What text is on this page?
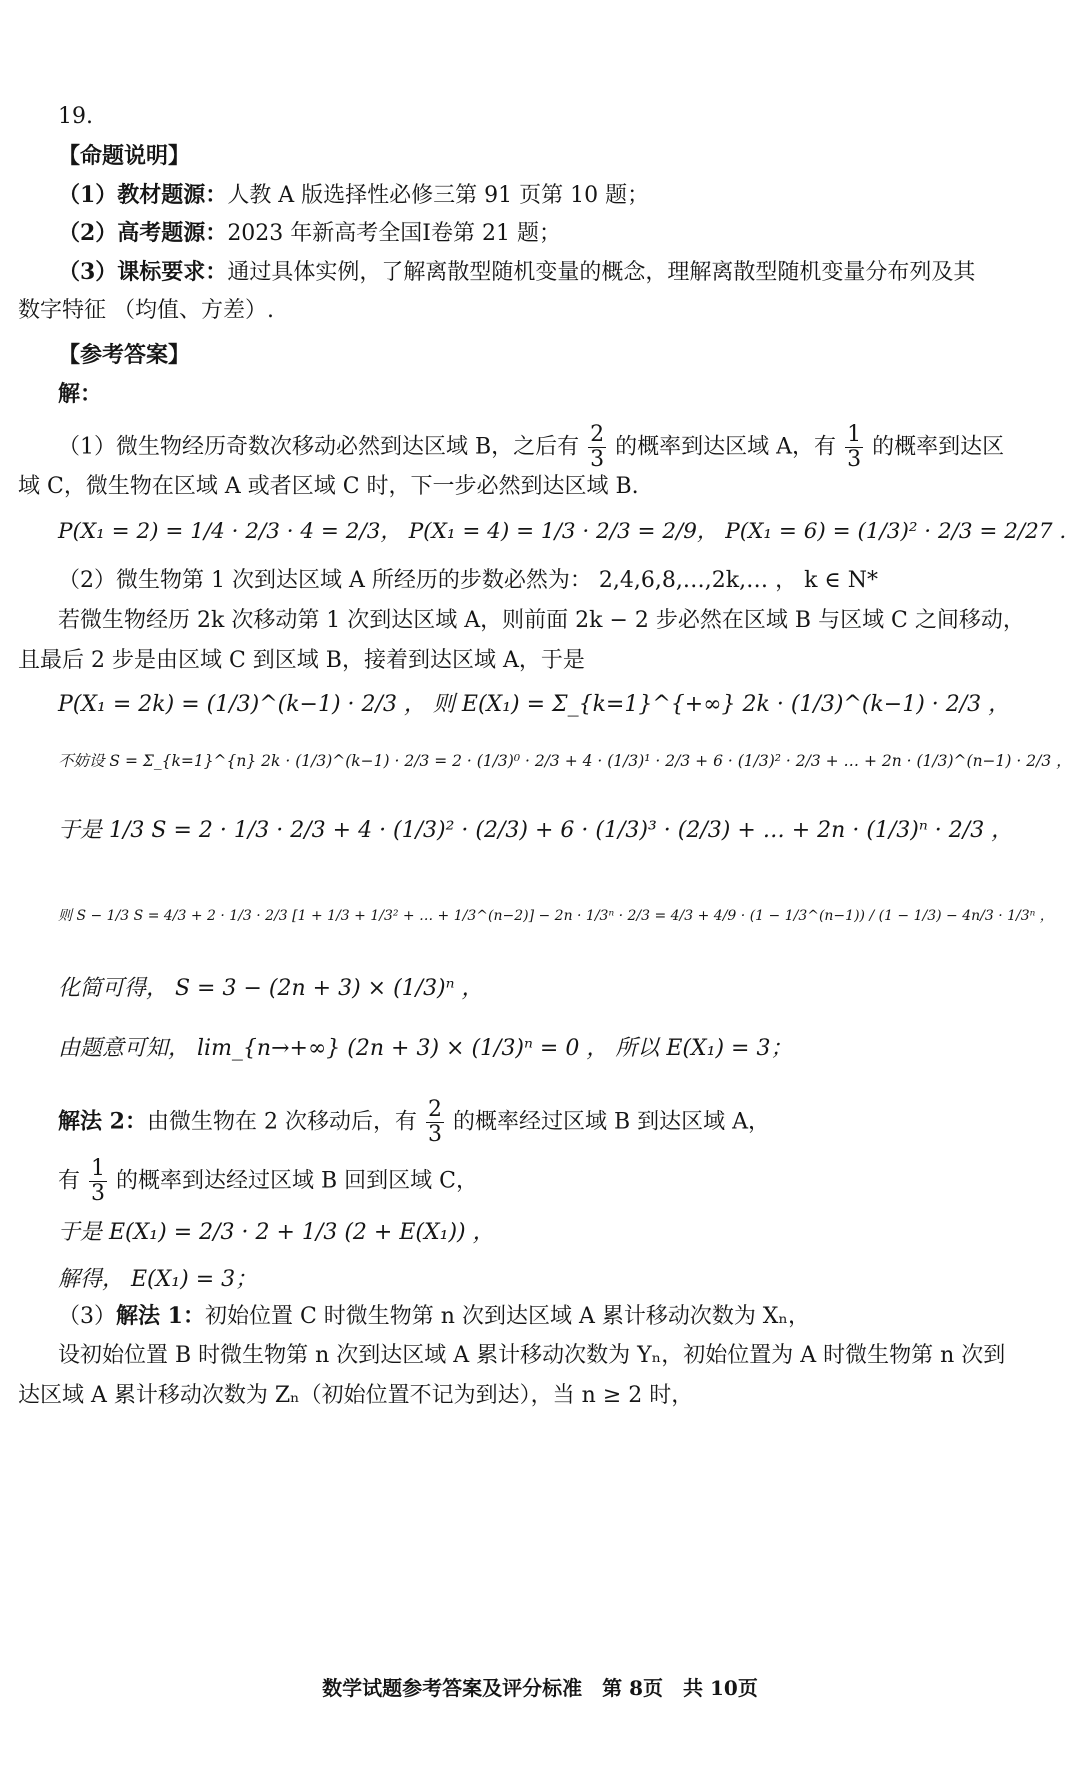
19.
【命题说明】
（1）教材题源：人教 A 版选择性必修三第 91 页第 10 题；
（2）高考题源：2023 年新高考全国I卷第 21 题；
（3）课标要求：通过具体实例，了解离散型随机变量的概念，理解离散型随机变量分布列及其
数字特征 （均值、方差）.
【参考答案】
解：
（1）微生物经历奇数次移动必然到达区域 B，之后有 $\frac{2}{3}$ 的概率到达区域 A，有 $\frac{1}{3}$ 的概率到达区
域 C，微生物在区域 A 或者区域 C 时，下一步必然到达区域 B.
P(X₁ = 2) = 1/4 · 2/3 · 4 = 2/3， P(X₁ = 4) = 1/3 · 2/3 = 2/9， P(X₁ = 6) = (1/3)² · 2/3 = 2/27 .
（2）微生物第 1 次到达区域 A 所经历的步数必然为： 2,4,6,8,…,2k,… ， k ∈ N*
若微生物经历 2k 次移动第 1 次到达区域 A，则前面 2k − 2 步必然在区域 B 与区域 C 之间移动，
且最后 2 步是由区域 C 到区域 B，接着到达区域 A，于是
P(X₁ = 2k) = (1/3)^(k−1) · 2/3 ， 则 E(X₁) = Σ_{k=1}^{+∞} 2k · (1/3)^(k−1) · 2/3 ，
不妨设 S = Σ_{k=1}^{n} 2k · (1/3)^(k−1) · 2/3 = 2 · (1/3)⁰ · 2/3 + 4 · (1/3)¹ · 2/3 + 6 · (1/3)² · 2/3 + … + 2n · (1/3)^(n−1) · 2/3 ，
于是 1/3 S = 2 · 1/3 · 2/3 + 4 · (1/3)² · (2/3) + 6 · (1/3)³ · (2/3) + … + 2n · (1/3)ⁿ · 2/3 ，
则 S − 1/3 S = 4/3 + 2 · 1/3 · 2/3 [1 + 1/3 + 1/3² + … + 1/3^(n−2)] − 2n · 1/3ⁿ · 2/3 = 4/3 + 4/9 · (1 − 1/3^(n−1)) / (1 − 1/3) − 4n/3 · 1/3ⁿ ，
化简可得， S = 3 − (2n + 3) × (1/3)ⁿ ，
由题意可知， lim_{n→+∞} (2n + 3) × (1/3)ⁿ = 0 ， 所以 E(X₁) = 3；
解法 2：由微生物在 2 次移动后，有 $\frac{2}{3}$ 的概率经过区域 B 到达区域 A，
有 $\frac{1}{3}$ 的概率到达经过区域 B 回到区域 C，
于是 E(X₁) = 2/3 · 2 + 1/3 (2 + E(X₁)) ，
解得， E(X₁) = 3；
（3）解法 1：初始位置 C 时微生物第 n 次到达区域 A 累计移动次数为 Xₙ，
设初始位置 B 时微生物第 n 次到达区域 A 累计移动次数为 Yₙ，初始位置为 A 时微生物第 n 次到
达区域 A 累计移动次数为 Zₙ（初始位置不记为到达），当 n ≥ 2 时，
数学试题参考答案及评分标准　第 8页　共 10页
